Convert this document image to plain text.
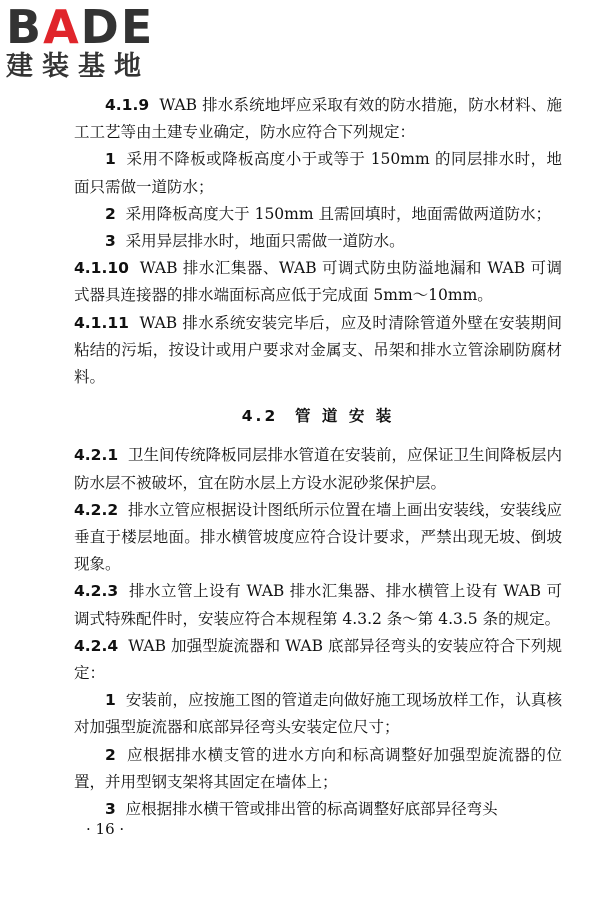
BADE
建装基地

4.1.9 WAB 排水系统地坪应采取有效的防水措施，防水材料、施工工艺等由土建专业确定，防水应符合下列规定：

1 采用不降板或降板高度小于或等于 150mm 的同层排水时，地面只需做一道防水；

2 采用降板高度大于 150mm 且需回填时，地面需做两道防水；

3 采用异层排水时，地面只需做一道防水。

4.1.10 WAB 排水汇集器、WAB 可调式防虫防溢地漏和 WAB 可调式器具连接器的排水端面标高应低于完成面 5mm～10mm。

4.1.11 WAB 排水系统安装完毕后，应及时清除管道外壁在安装期间粘结的污垢，按设计或用户要求对金属支、吊架和排水立管涂刷防腐材料。

4.2 管 道 安 装

4.2.1 卫生间传统降板同层排水管道在安装前，应保证卫生间降板层内防水层不被破坏，宜在防水层上方设水泥砂浆保护层。

4.2.2 排水立管应根据设计图纸所示位置在墙上画出安装线，安装线应垂直于楼层地面。排水横管坡度应符合设计要求，严禁出现无坡、倒坡现象。

4.2.3 排水立管上设有 WAB 排水汇集器、排水横管上设有 WAB 可调式特殊配件时，安装应符合本规程第 4.3.2 条～第 4.3.5 条的规定。

4.2.4 WAB 加强型旋流器和 WAB 底部异径弯头的安装应符合下列规定：

1 安装前，应按施工图的管道走向做好施工现场放样工作，认真核对加强型旋流器和底部异径弯头安装定位尺寸；

2 应根据排水横支管的进水方向和标高调整好加强型旋流器的位置，并用型钢支架将其固定在墙体上；

3 应根据排水横干管或排出管的标高调整好底部异径弯头

· 16 ·
